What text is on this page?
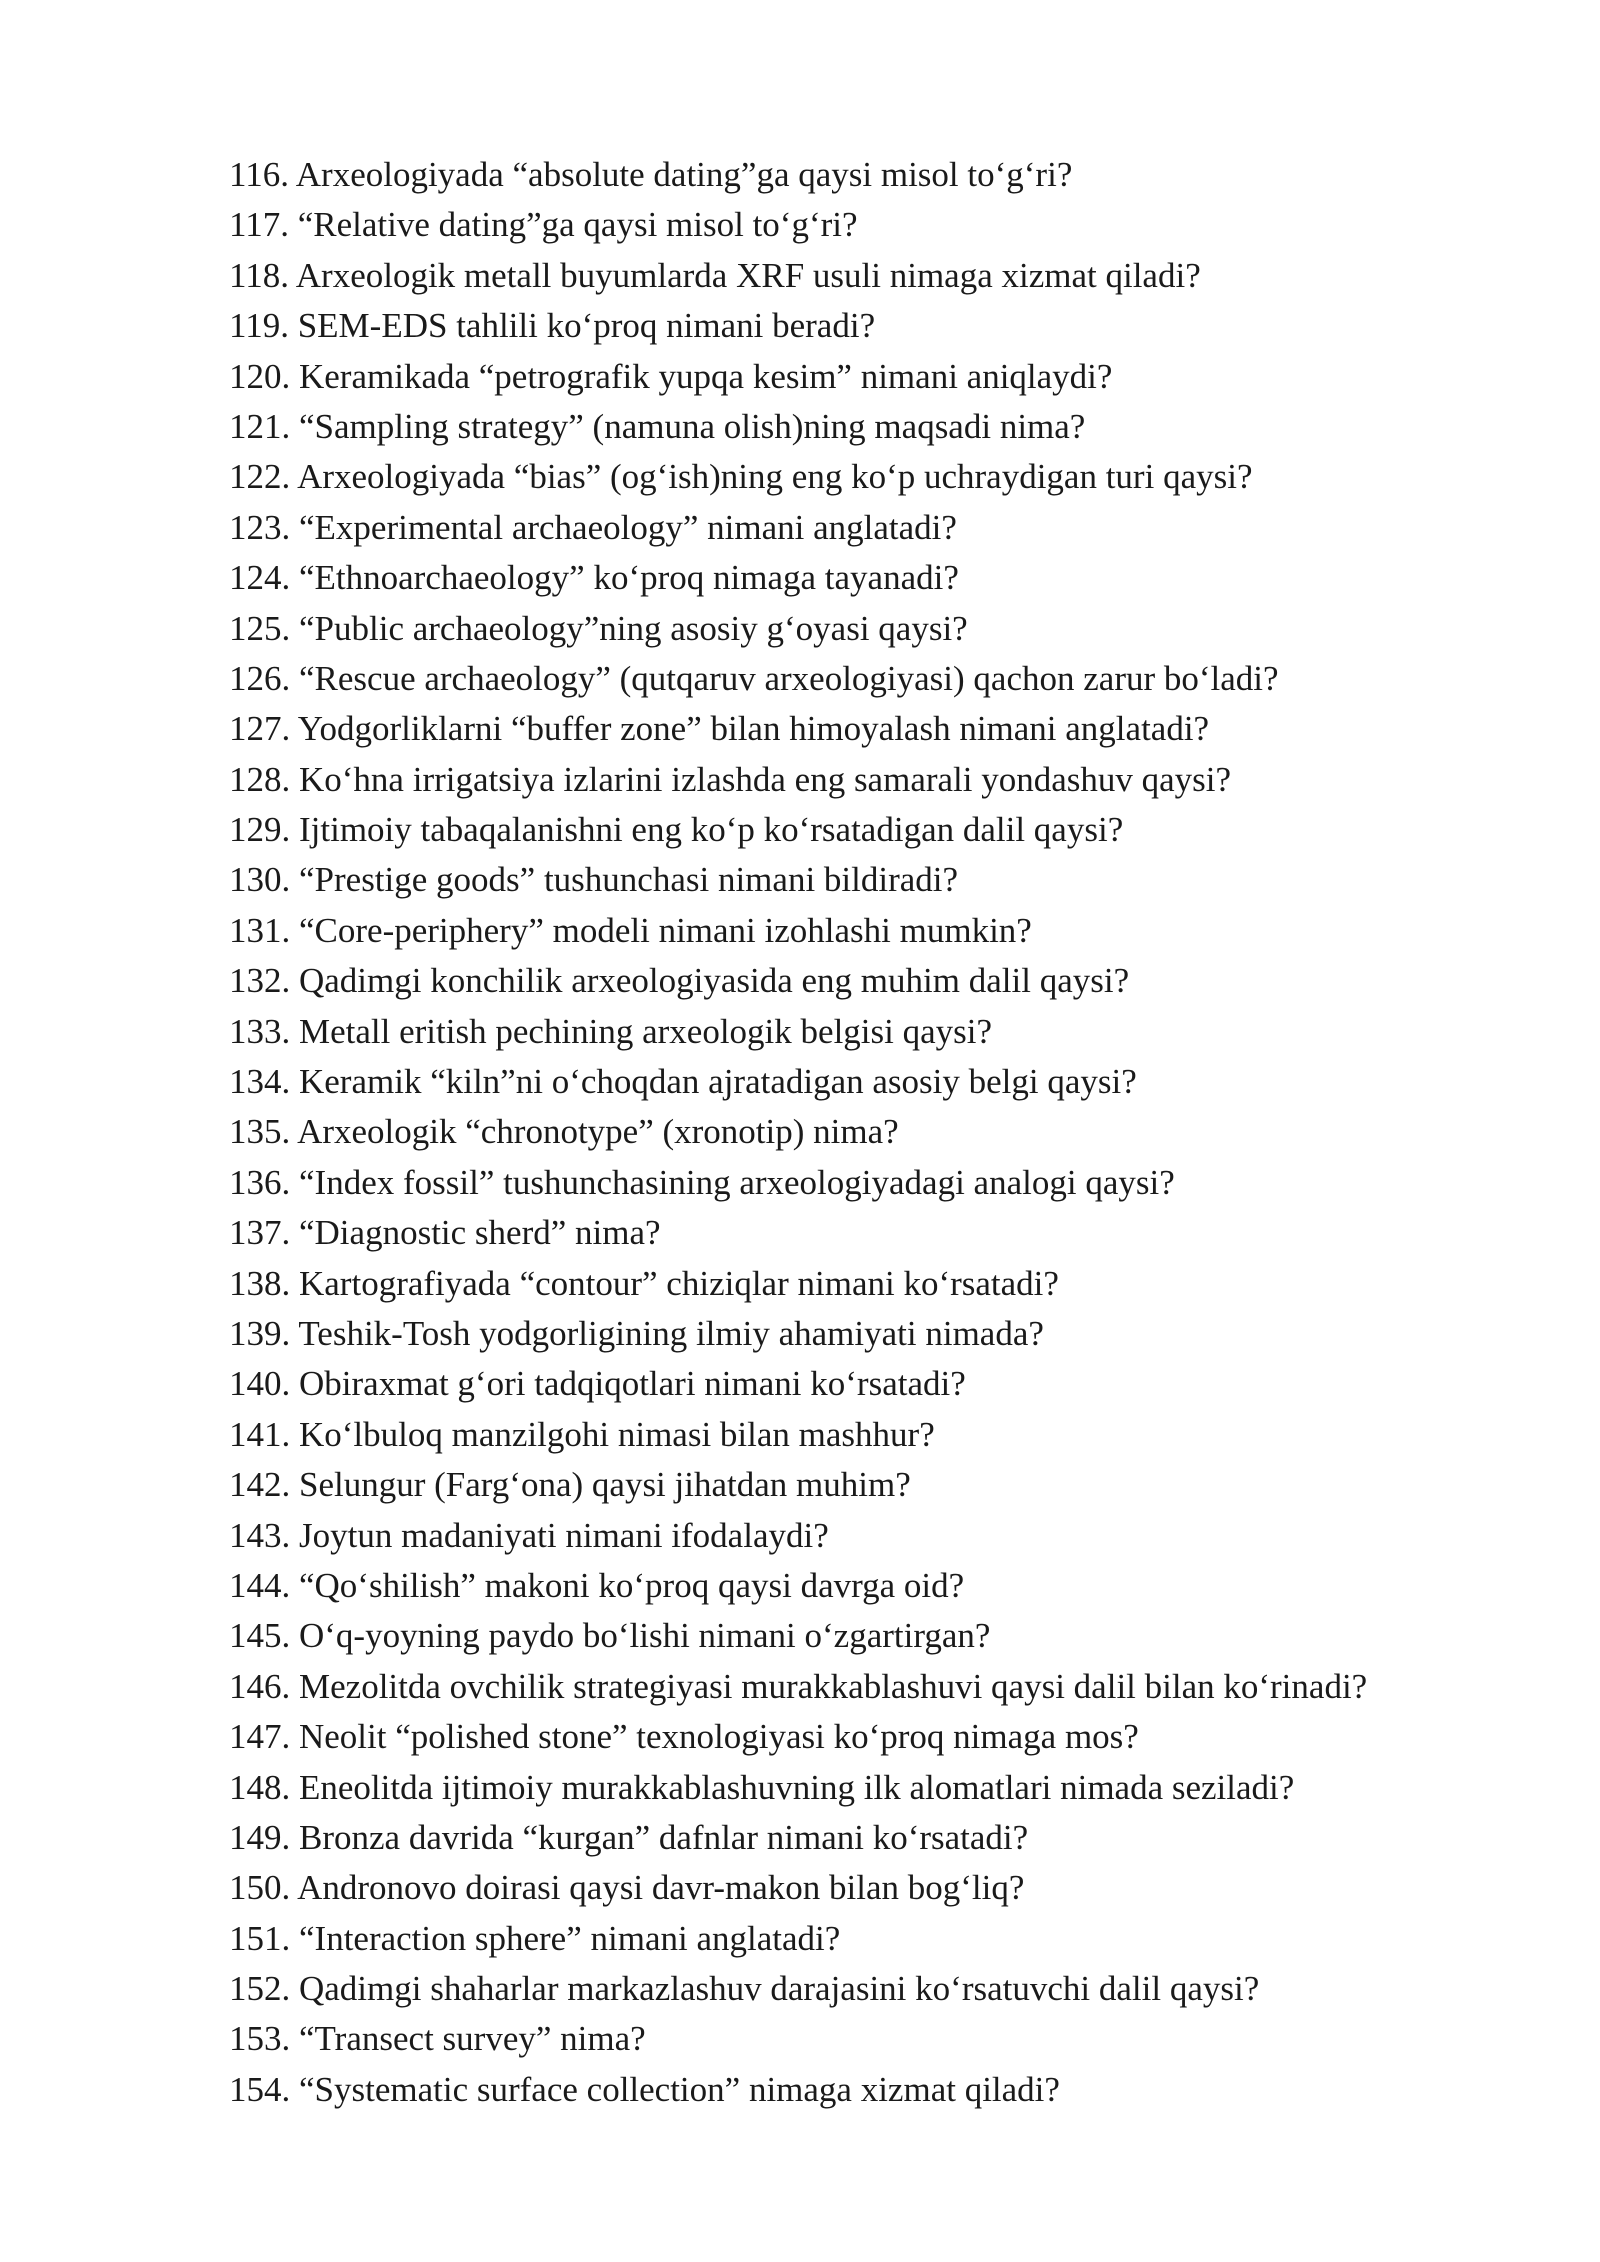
116. Arxeologiyada “absolute dating”ga qaysi misol to‘g‘ri?
117. “Relative dating”ga qaysi misol to‘g‘ri?
118. Arxeologik metall buyumlarda XRF usuli nimaga xizmat qiladi?
119. SEM-EDS tahlili ko‘proq nimani beradi?
120. Keramikada “petrografik yupqa kesim” nimani aniqlaydi?
121. “Sampling strategy” (namuna olish)ning maqsadi nima?
122. Arxeologiyada “bias” (og‘ish)ning eng ko‘p uchraydigan turi qaysi?
123. “Experimental archaeology” nimani anglatadi?
124. “Ethnoarchaeology” ko‘proq nimaga tayanadi?
125. “Public archaeology”ning asosiy g‘oyasi qaysi?
126. “Rescue archaeology” (qutqaruv arxeologiyasi) qachon zarur bo‘ladi?
127. Yodgorliklarni “buffer zone” bilan himoyalash nimani anglatadi?
128. Ko‘hna irrigatsiya izlarini izlashda eng samarali yondashuv qaysi?
129. Ijtimoiy tabaqalanishni eng ko‘p ko‘rsatadigan dalil qaysi?
130. “Prestige goods” tushunchasi nimani bildiradi?
131. “Core-periphery” modeli nimani izohlashi mumkin?
132. Qadimgi konchilik arxeologiyasida eng muhim dalil qaysi?
133. Metall eritish pechining arxeologik belgisi qaysi?
134. Keramik “kiln”ni o‘choqdan ajratadigan asosiy belgi qaysi?
135. Arxeologik “chronotype” (xronotip) nima?
136. “Index fossil” tushunchasining arxeologiyadagi analogi qaysi?
137. “Diagnostic sherd” nima?
138. Kartografiyada “contour” chiziqlar nimani ko‘rsatadi?
139. Teshik-Tosh yodgorligining ilmiy ahamiyati nimada?
140. Obiraxmat g‘ori tadqiqotlari nimani ko‘rsatadi?
141. Ko‘lbuloq manzilgohi nimasi bilan mashhur?
142. Selungur (Farg‘ona) qaysi jihatdan muhim?
143. Joytun madaniyati nimani ifodalaydi?
144. “Qo‘shilish” makoni ko‘proq qaysi davrga oid?
145. O‘q-yoyning paydo bo‘lishi nimani o‘zgartirgan?
146. Mezolitda ovchilik strategiyasi murakkablashuvi qaysi dalil bilan ko‘rinadi?
147. Neolit “polished stone” texnologiyasi ko‘proq nimaga mos?
148. Eneolitda ijtimoiy murakkablashuvning ilk alomatlari nimada seziladi?
149. Bronza davrida “kurgan” dafnlar nimani ko‘rsatadi?
150. Andronovo doirasi qaysi davr-makon bilan bog‘liq?
151. “Interaction sphere” nimani anglatadi?
152. Qadimgi shaharlar markazlashuv darajasini ko‘rsatuvchi dalil qaysi?
153. “Transect survey” nima?
154. “Systematic surface collection” nimaga xizmat qiladi?
